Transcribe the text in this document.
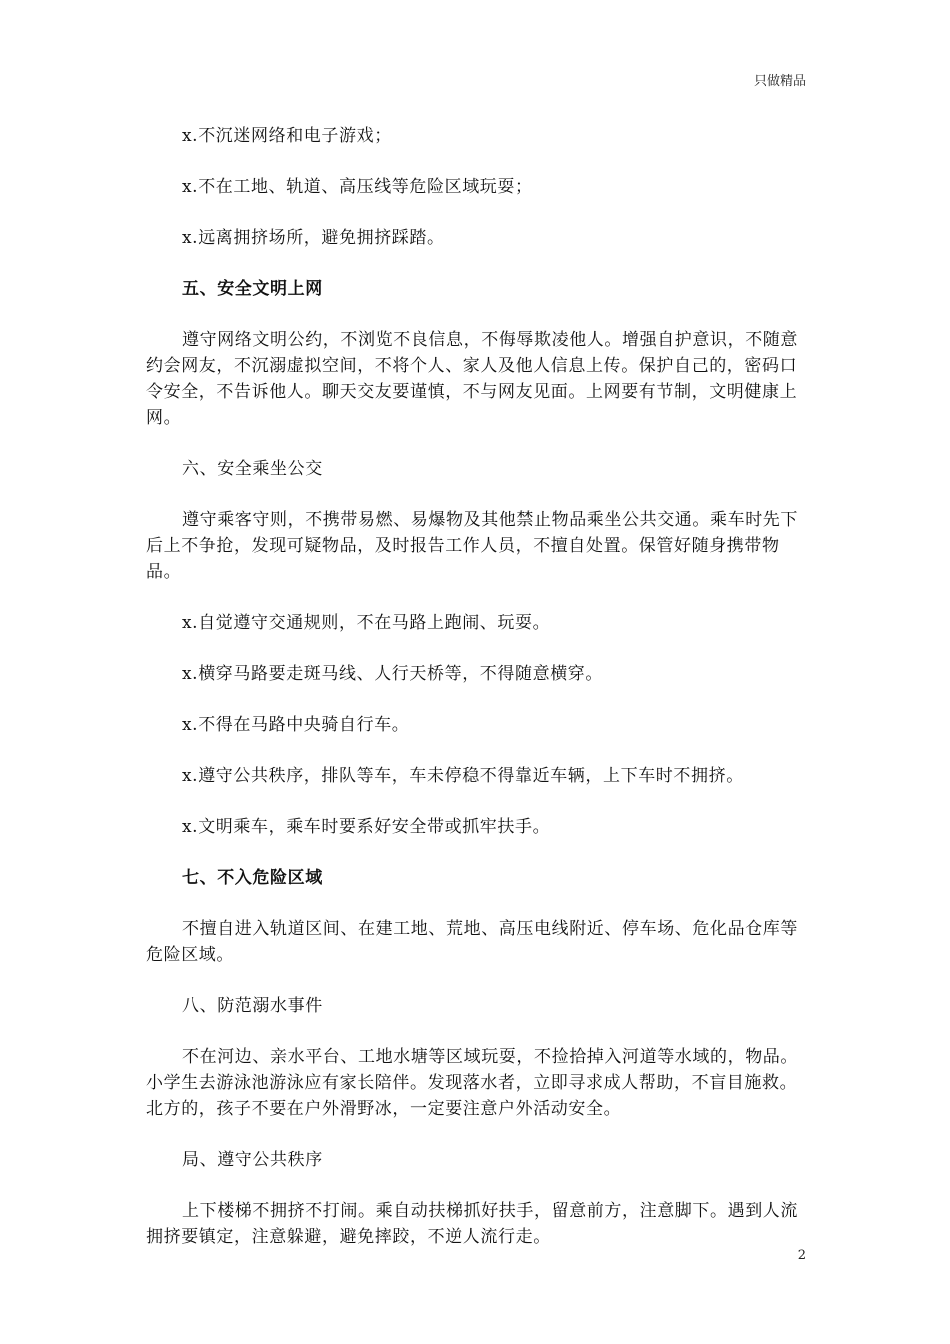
只做精品

x.不沉迷网络和电子游戏；

x.不在工地、轨道、高压线等危险区域玩耍；

x.远离拥挤场所，避免拥挤踩踏。

五、安全文明上网

遵守网络文明公约，不浏览不良信息，不侮辱欺凌他人。增强自护意识，不随意约会网友，不沉溺虚拟空间，不将个人、家人及他人信息上传。保护自己的，密码口令安全，不告诉他人。聊天交友要谨慎，不与网友见面。上网要有节制，文明健康上网。

六、安全乘坐公交

遵守乘客守则，不携带易燃、易爆物及其他禁止物品乘坐公共交通。乘车时先下后上不争抢，发现可疑物品，及时报告工作人员，不擅自处置。保管好随身携带物品。

x.自觉遵守交通规则，不在马路上跑闹、玩耍。

x.横穿马路要走斑马线、人行天桥等，不得随意横穿。

x.不得在马路中央骑自行车。

x.遵守公共秩序，排队等车，车未停稳不得靠近车辆，上下车时不拥挤。

x.文明乘车，乘车时要系好安全带或抓牢扶手。

七、不入危险区域

不擅自进入轨道区间、在建工地、荒地、高压电线附近、停车场、危化品仓库等危险区域。

八、防范溺水事件

不在河边、亲水平台、工地水塘等区域玩耍，不捡拾掉入河道等水域的，物品。小学生去游泳池游泳应有家长陪伴。发现落水者，立即寻求成人帮助，不盲目施救。北方的，孩子不要在户外滑野冰，一定要注意户外活动安全。

局、遵守公共秩序

上下楼梯不拥挤不打闹。乘自动扶梯抓好扶手，留意前方，注意脚下。遇到人流拥挤要镇定，注意躲避，避免摔跤，不逆人流行走。

2
